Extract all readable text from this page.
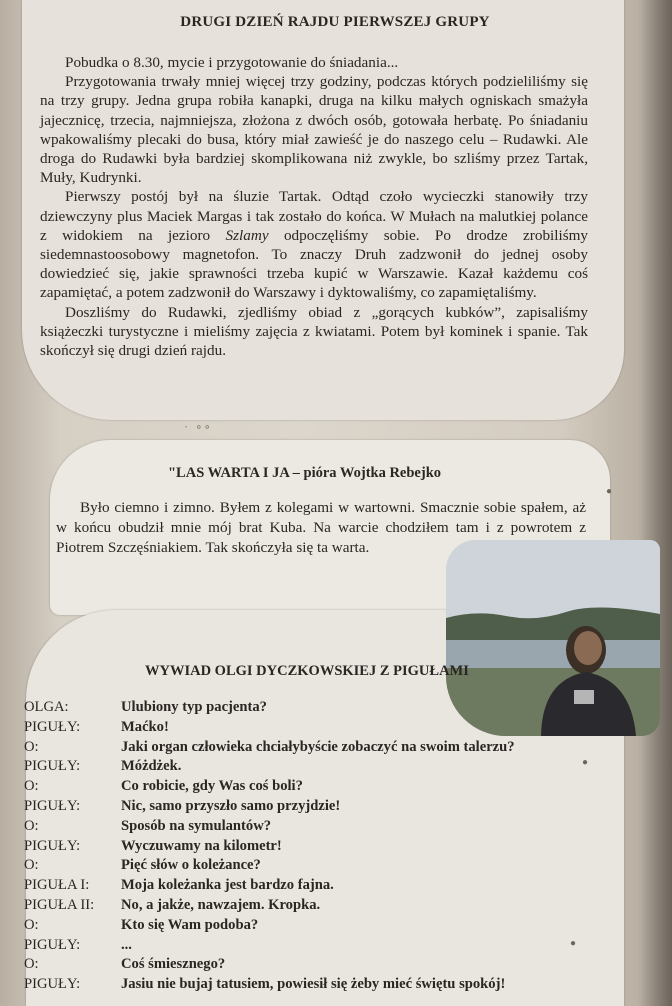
DRUGI DZIEŃ RAJDU PIERWSZEJ GRUPY

Pobudka o 8.30, mycie i przygotowanie do śniadania...

Przygotowania trwały mniej więcej trzy godziny, podczas których podzieliliśmy się na trzy grupy. Jedna grupa robiła kanapki, druga na kilku małych ogniskach smażyła jajecznicę, trzecia, najmniejsza, złożona z dwóch osób, gotowała herbatę. Po śniadaniu wpakowaliśmy plecaki do busa, który miał zawieść je do naszego celu – Rudawki. Ale droga do Rudawki była bardziej skomplikowana niż zwykle, bo szliśmy przez Tartak, Muły, Kudrynki.

Pierwszy postój był na śluzie Tartak. Odtąd czoło wycieczki stanowiły trzy dziewczyny plus Maciek Margas i tak zostało do końca. W Mułach na malutkiej polance z widokiem na jezioro Szlamy odpoczęliśmy sobie. Po drodze zrobiliśmy siedemnastoosobowy magnetofon. To znaczy Druh zadzwonił do jednej osoby dowiedzieć się, jakie sprawności trzeba kupić w Warszawie. Kazał każdemu coś zapamiętać, a potem zadzwonił do Warszawy i dyktowaliśmy, co zapamiętaliśmy.

Doszliśmy do Rudawki, zjedliśmy obiad z „gorących kubków”, zapisaliśmy książeczki turystyczne i mieliśmy zajęcia z kwiatami. Potem był kominek i spanie. Tak skończył się drugi dzień rajdu.

· ∘∘
"LAS WARTA I JA – pióra Wojtka Rebejko

Było ciemno i zimno. Byłem z kolegami w wartowni. Smacznie sobie spałem, aż w końcu obudził mnie mój brat Kuba. Na warcie chodziłem tam i z powrotem z Piotrem Szczęśniakiem. Tak skończyła się ta warta.

WYWIAD OLGI DYCZKOWSKIEJ Z PIGUŁAMI
OLGA:	Ulubiony typ pacjenta?
PIGUŁY:	Maćko!
O:	Jaki organ człowieka chciałybyście zobaczyć na swoim talerzu?
PIGUŁY:	Móżdżek.
O:	Co robicie, gdy Was coś boli?
PIGUŁY:	Nic, samo przyszło samo przyjdzie!
O:	Sposób na symulantów?
PIGUŁY:	Wyczuwamy na kilometr!
O:	Pięć słów o koleżance?
PIGUŁA I:	Moja koleżanka jest bardzo fajna.
PIGUŁA II:	No, a jakże, nawzajem. Kropka.
O:	Kto się Wam podoba?
PIGUŁY:	...
O:	Coś śmiesznego?
PIGUŁY:	Jasiu nie bujaj tatusiem, powiesił się żeby mieć świętu spokój!
●
●
●
